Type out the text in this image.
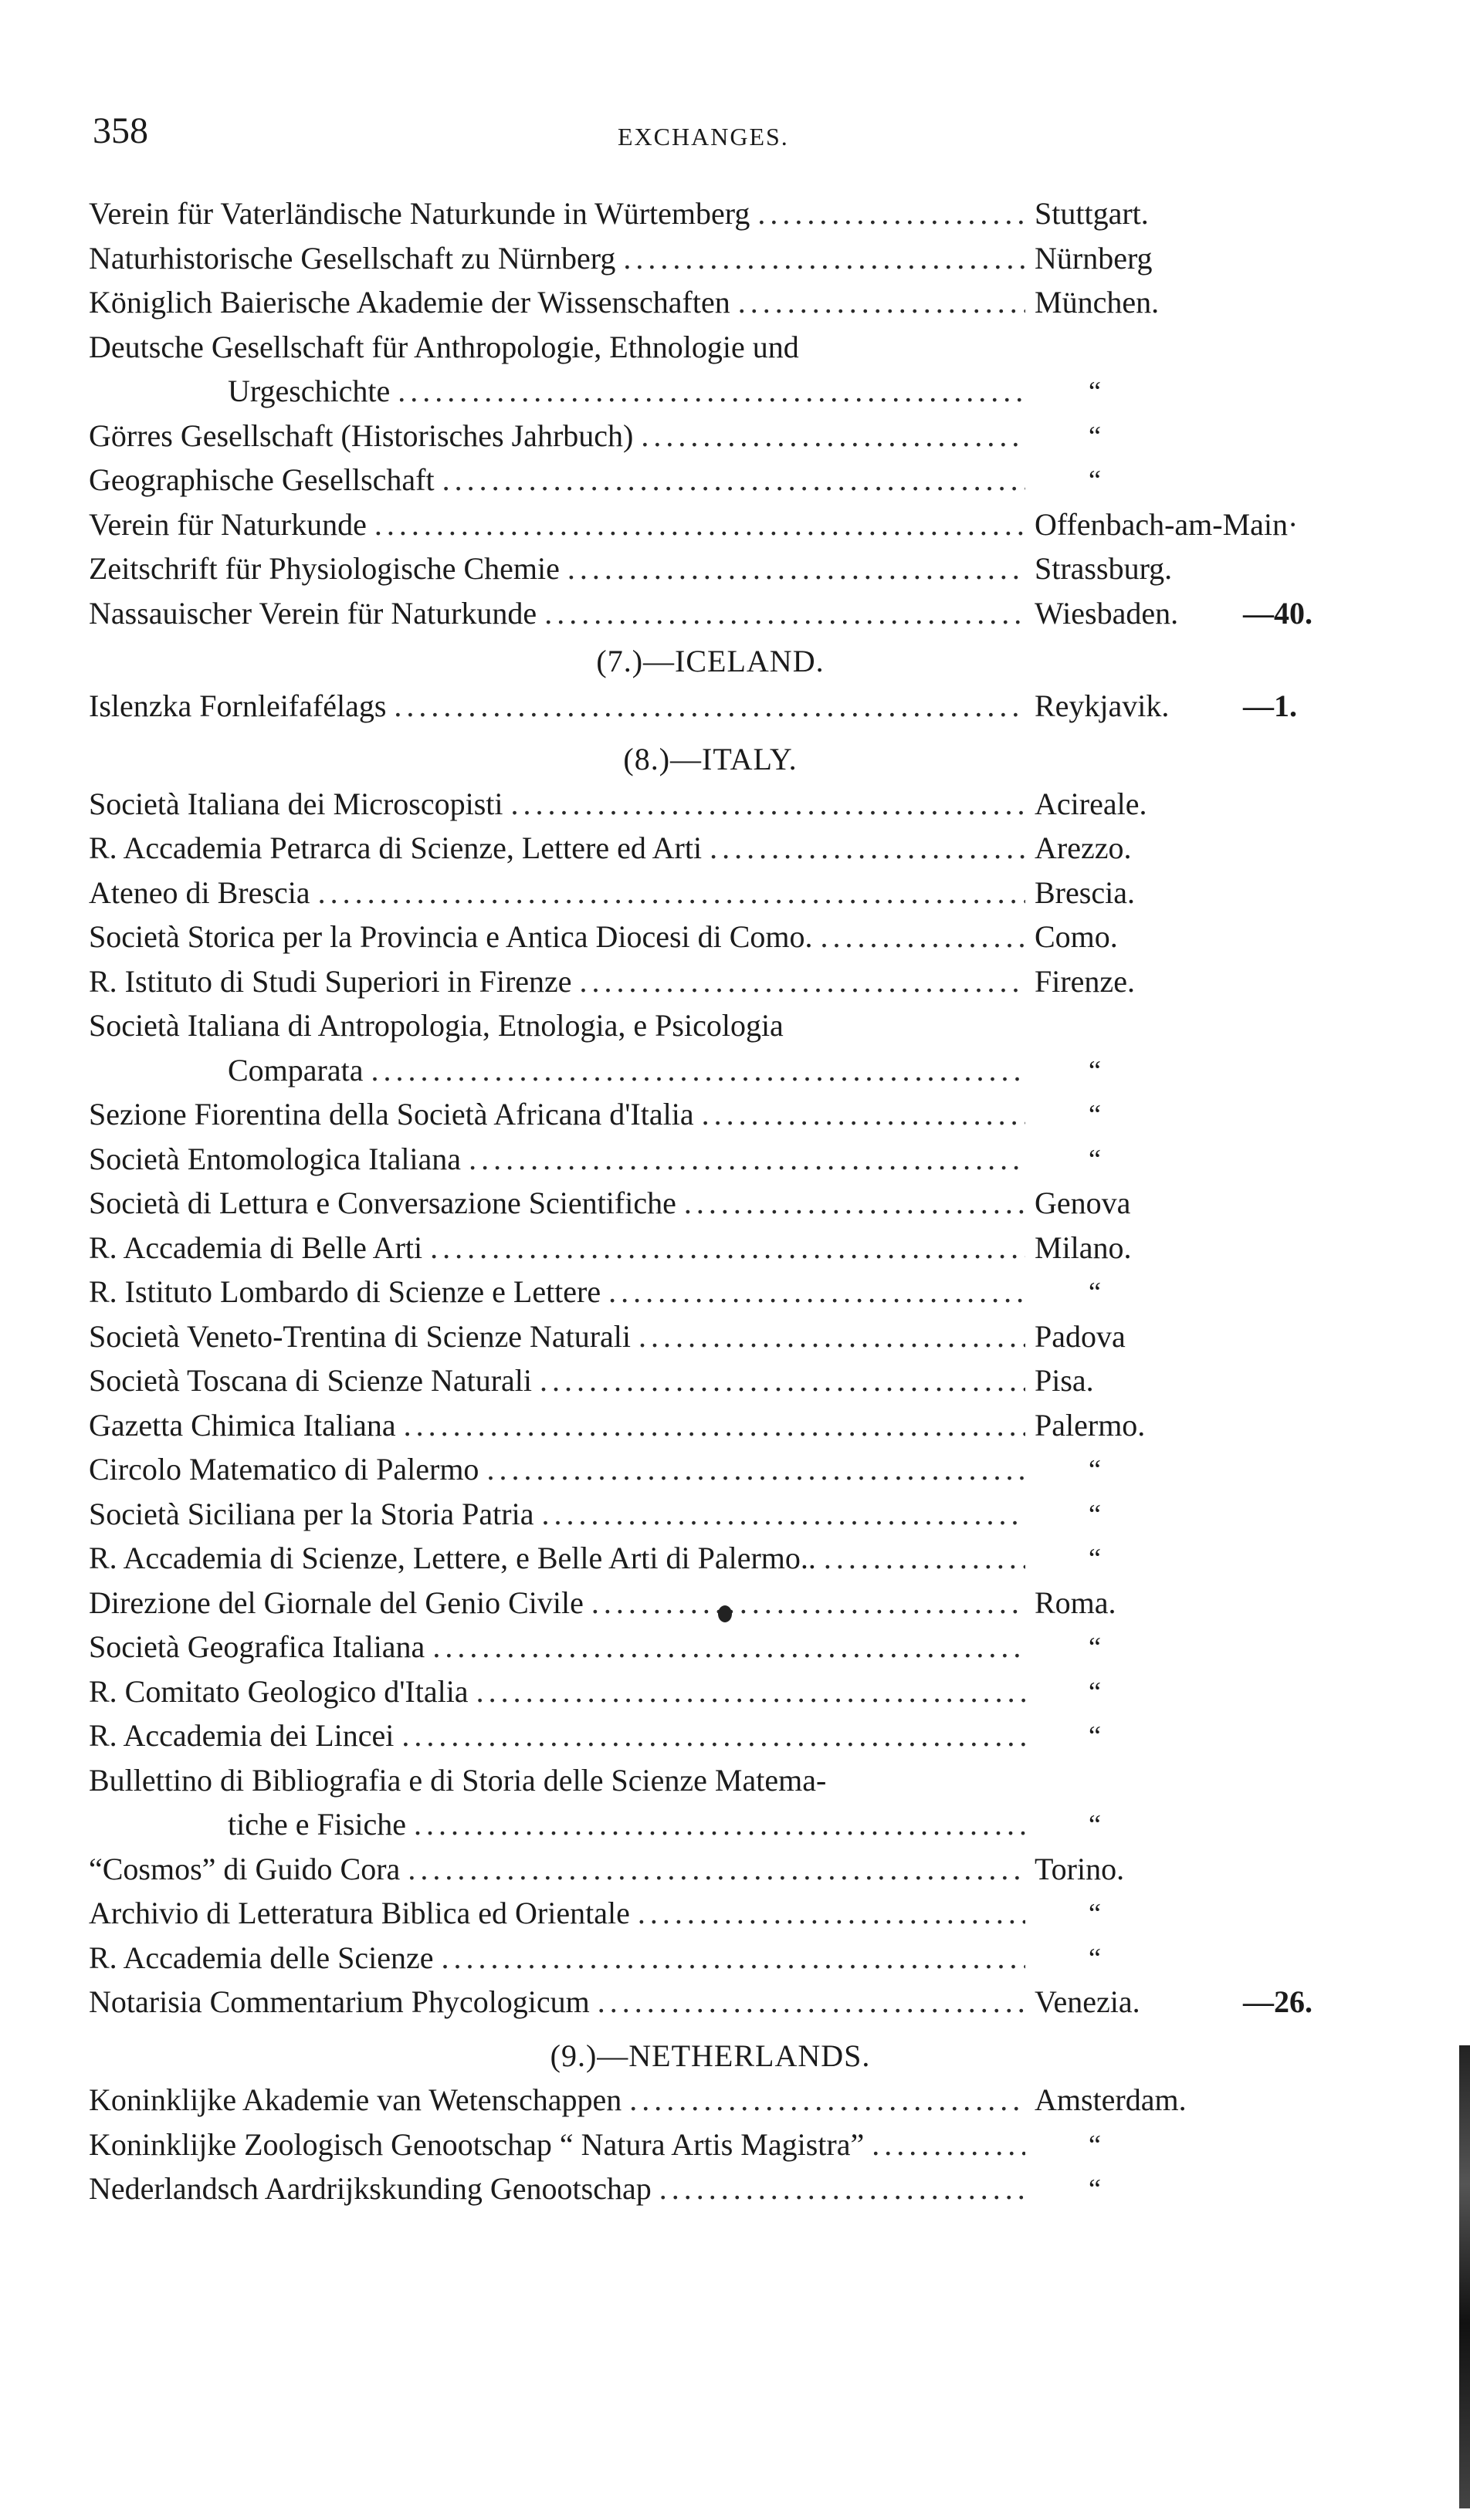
358	EXCHANGES.
Verein für Vaterländische Naturkunde in Würtemberg . . .	Stuttgart.
Naturhistorische Gesellschaft zu Nürnberg . . .	Nürnberg
Königlich Baierische Akademie der Wissenschaften . . .	München.
Deutsche Gesellschaft für Anthropologie, Ethnologie und
Urgeschichte . . .	“
Görres Gesellschaft (Historisches Jahrbuch) . . .	“
Geographische Gesellschaft . . .	“
Verein für Naturkunde . . .	Offenbach-am-Main·
Zeitschrift für Physiologische Chemie . . .	Strassburg.
Nassauischer Verein für Naturkunde . . .	Wiesbaden. —40.
(7.)—ICELAND.
Islenzka Fornleifafélags . . .	Reykjavik. —1.
(8.)—ITALY.
Società Italiana dei Microscopisti . . .	Acireale.
R. Accademia Petrarca di Scienze, Lettere ed Arti . . .	Arezzo.
Ateneo di Brescia . . .	Brescia.
Società Storica per la Provincia e Antica Diocesi di Como. . . .	Como.
R. Istituto di Studi Superiori in Firenze . . .	Firenze.
Società Italiana di Antropologia, Etnologia, e Psicologia
Comparata . . .	“
Sezione Fiorentina della Società Africana d'Italia . . .	“
Società Entomologica Italiana . . .	“
Società di Lettura e Conversazione Scientifiche . . .	Genova
R. Accademia di Belle Arti . . .	Milano.
R. Istituto Lombardo di Scienze e Lettere . . .	“
Società Veneto-Trentina di Scienze Naturali . . .	Padova
Società Toscana di Scienze Naturali . . .	Pisa.
Gazetta Chimica Italiana . . .	Palermo.
Circolo Matematico di Palermo . . .	“
Società Siciliana per la Storia Patria . . .	“
R. Accademia di Scienze, Lettere, e Belle Arti di Palermo.. . . .	“
Direzione del Giornale del Genio Civile . . .	Roma.
Società Geografica Italiana . . .	“
R. Comitato Geologico d'Italia . . .	“
R. Accademia dei Lincei . . .	“
Bullettino di Bibliografia e di Storia delle Scienze Matema-
tiche e Fisiche . . .	“
“Cosmos” di Guido Cora . . .	Torino.
Archivio di Letteratura Biblica ed Orientale . . .	“
R. Accademia delle Scienze . . .	“
Notarisia Commentarium Phycologicum . . .	Venezia.	—26.
(9.)—NETHERLANDS.
Koninklijke Akademie van Wetenschappen . . .	Amsterdam.
Koninklijke Zoologisch Genootschap “ Natura Artis Magistra” . . .	“
Nederlandsch Aardrijkskunding Genootschap . . .	“
